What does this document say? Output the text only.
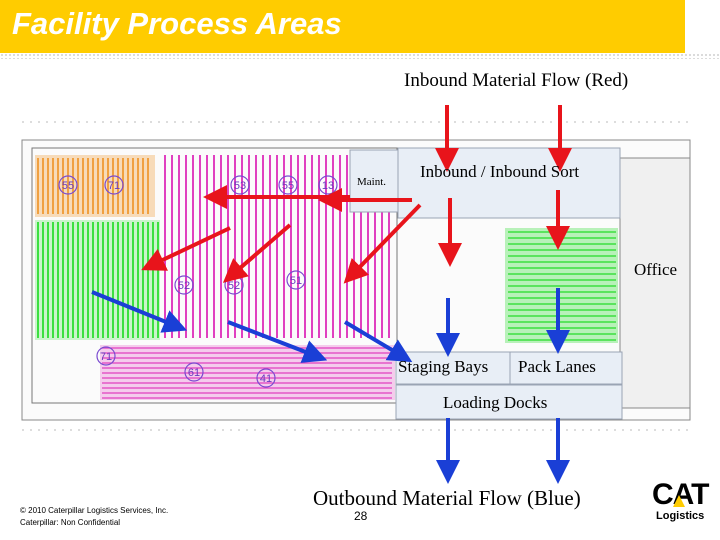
Facility Process Areas
55	71	53	55	13
52	52	51
71
61	41
Inbound Material Flow (Red)
Maint.
Inbound / Inbound Sort
Office
Staging Bays Pack Lanes
Loading Docks
Outbound Material Flow (Blue)
28
© 2010 Caterpillar Logistics Services, Inc.
Caterpillar: Non Confidential
CAT
Logistics
